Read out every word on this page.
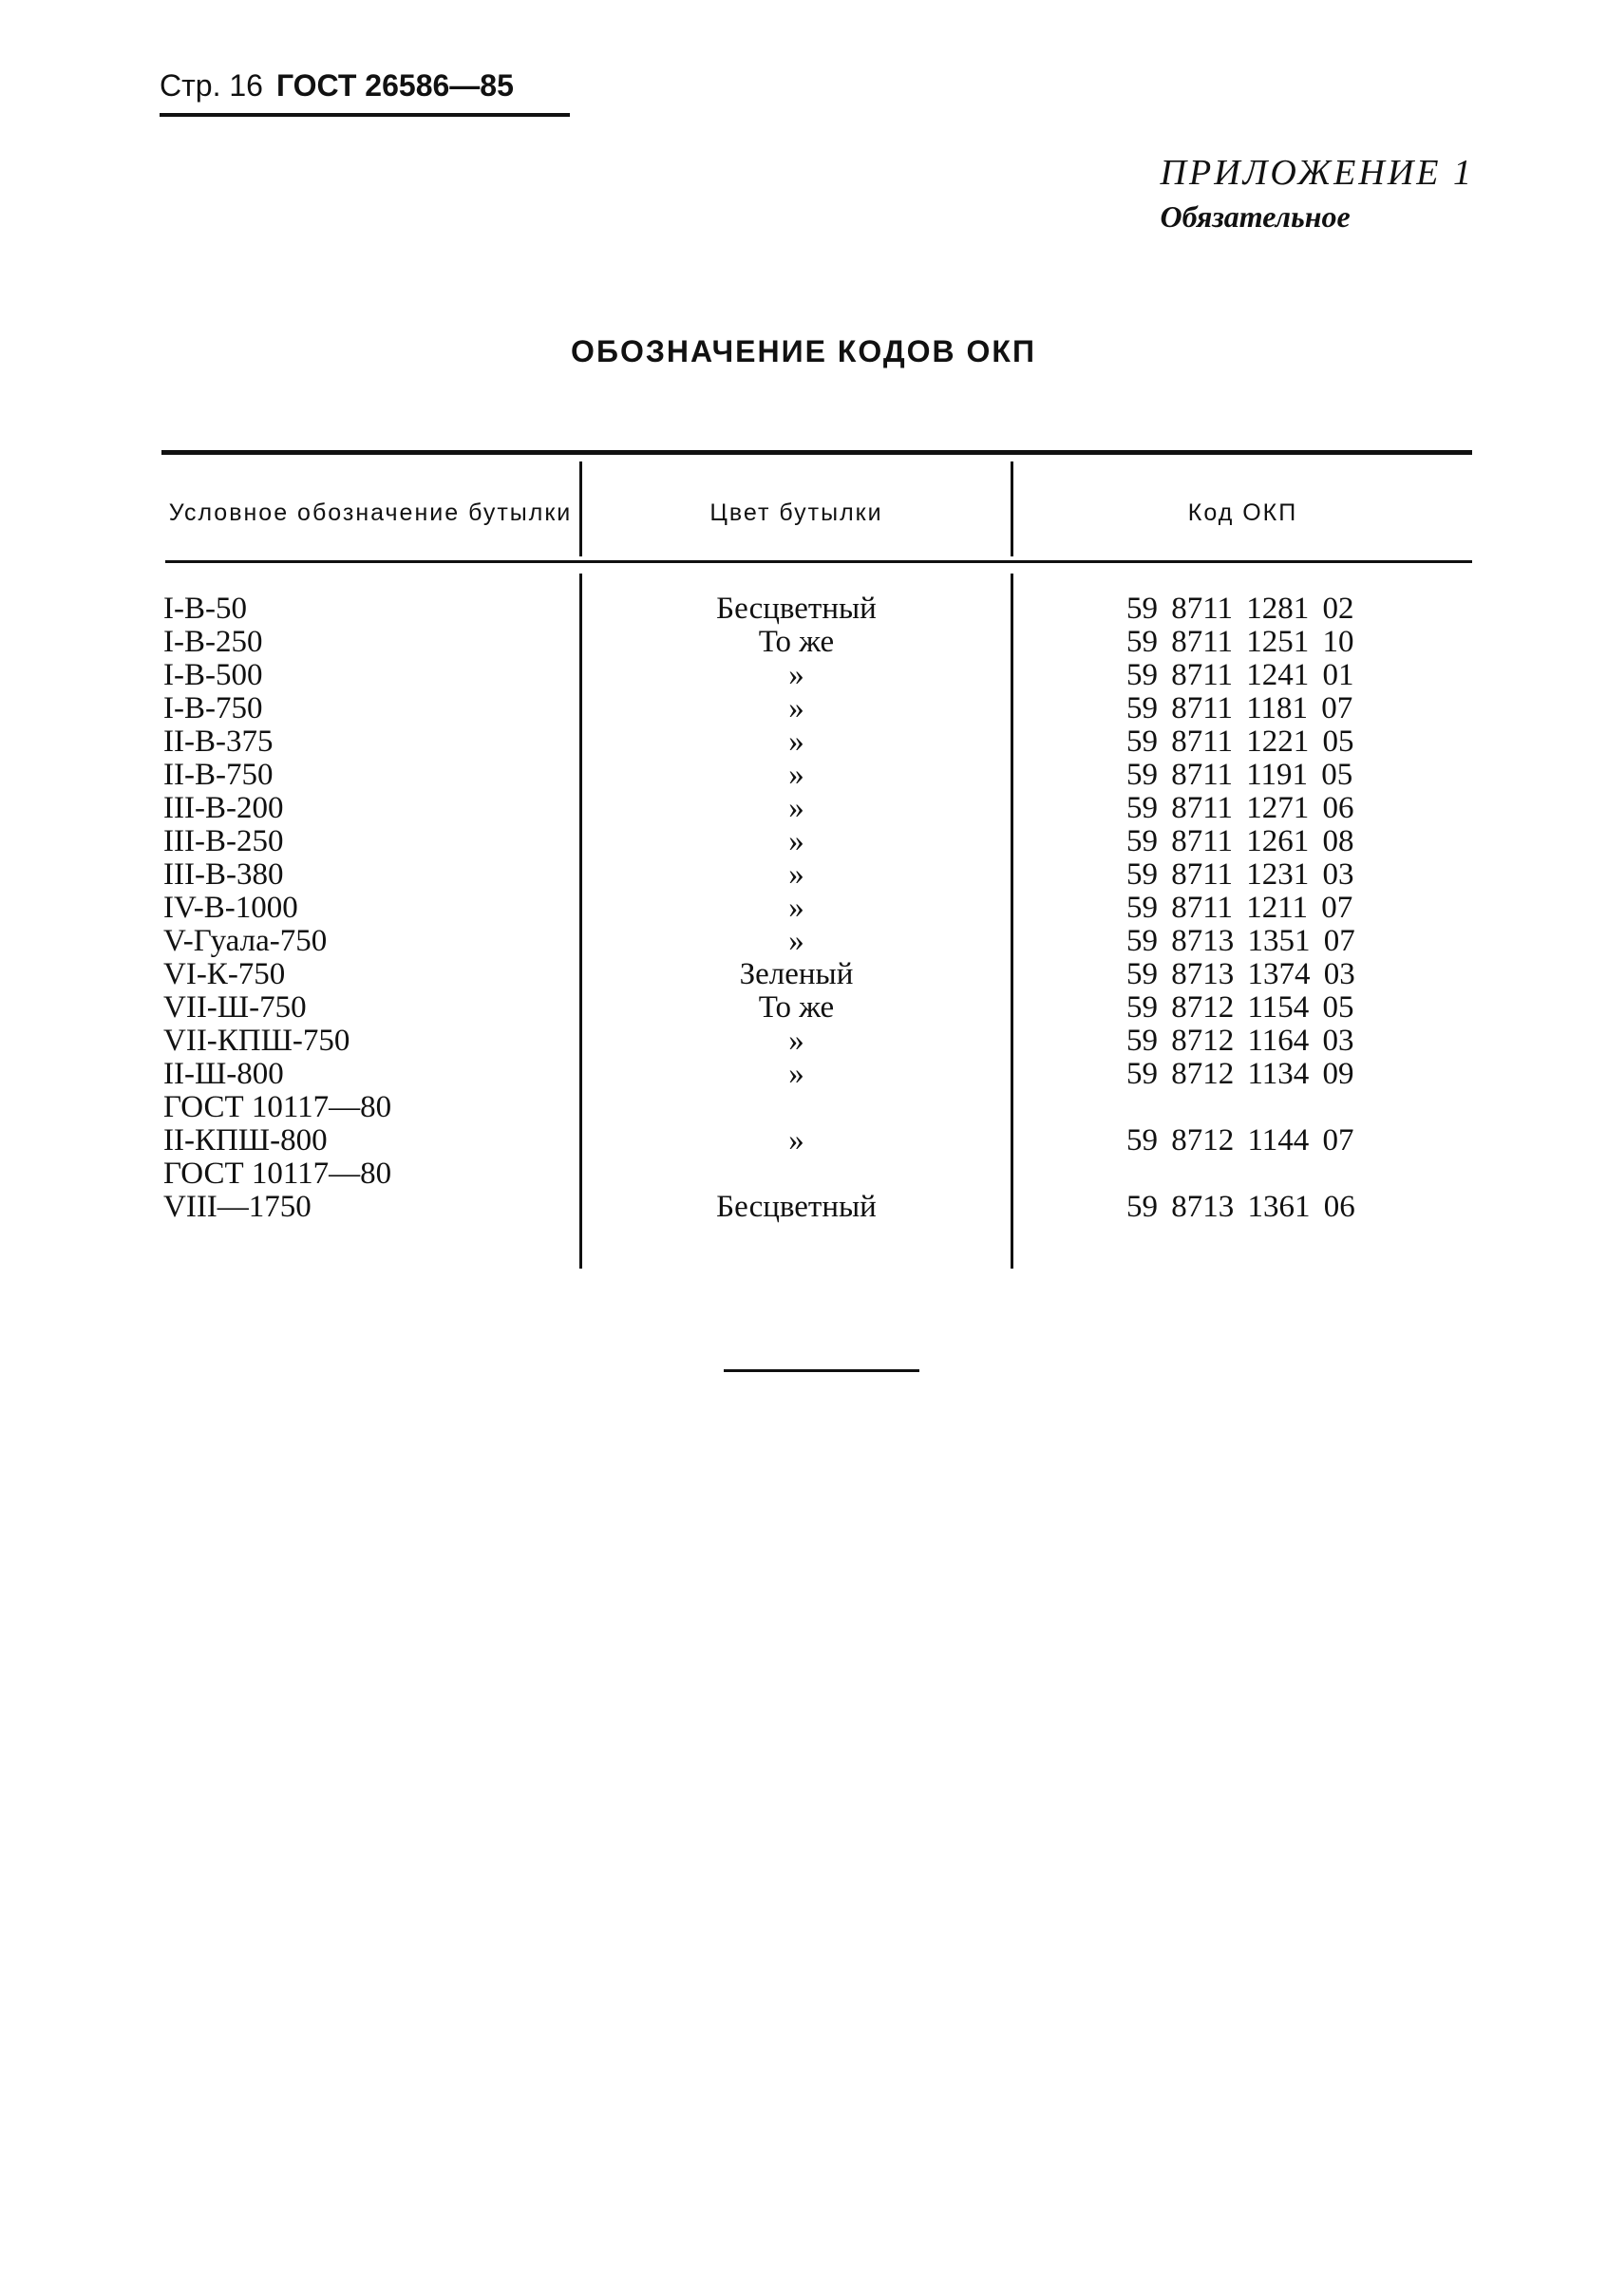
Стр. 16 ГОСТ 26586—85
ПРИЛОЖЕНИЕ 1
Обязательное
ОБОЗНАЧЕНИЕ КОДОВ ОКП
Условное обозначение бутылки	Цвет бутылки	Код ОКП
I-В-50	Бесцветный	59 8711 1281 02
I-В-250	То же	59 8711 1251 10
I-В-500	»	59 8711 1241 01
I-В-750	»	59 8711 1181 07
II-В-375	»	59 8711 1221 05
II-В-750	»	59 8711 1191 05
III-В-200	»	59 8711 1271 06
III-В-250	»	59 8711 1261 08
III-В-380	»	59 8711 1231 03
IV-В-1000	»	59 8711 1211 07
V-Гуала-750	»	59 8713 1351 07
VI-К-750	Зеленый	59 8713 1374 03
VII-Ш-750	То же	59 8712 1154 05
VII-КПШ-750	»	59 8712 1164 03
II-Ш-800	»	59 8712 1134 09
ГОСТ 10117—80
II-КПШ-800	»	59 8712 1144 07
ГОСТ 10117—80
VIII—1750	Бесцветный	59 8713 1361 06
